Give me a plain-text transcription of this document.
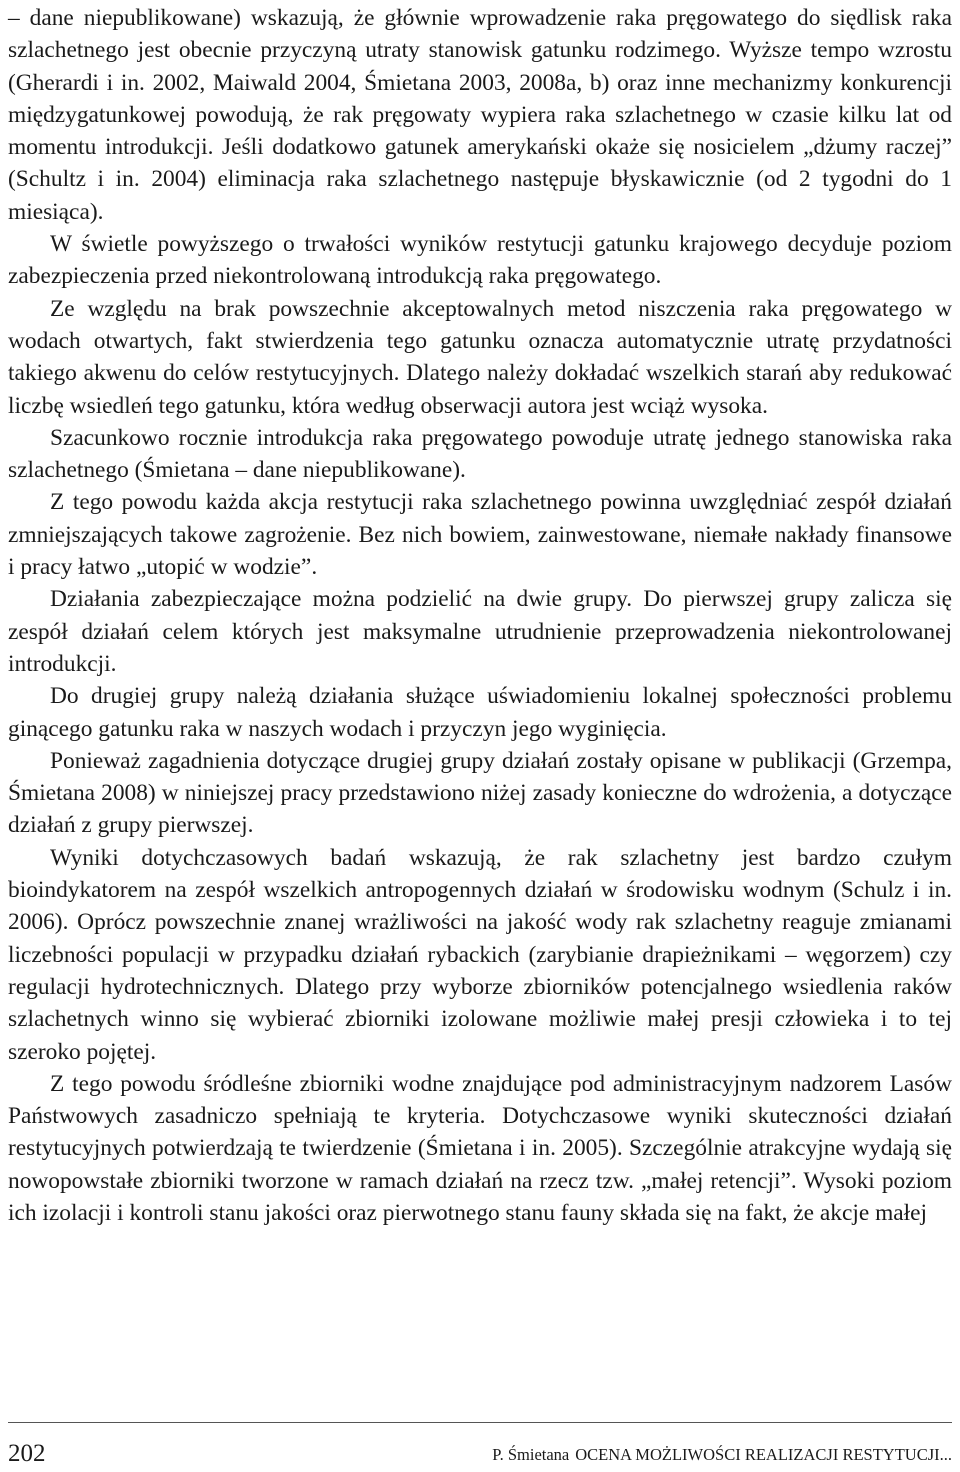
– dane niepublikowane) wskazują, że głównie wprowadzenie raka pręgowatego do siędlisk raka szlachetnego jest obecnie przyczyną utraty stanowisk gatunku rodzimego. Wyższe tempo wzrostu (Gherardi i in. 2002, Maiwald 2004, Śmietana 2003, 2008a, b) oraz inne mechanizmy konkurencji międzygatunkowej powodują, że rak pręgowaty wypiera raka szlachetnego w czasie kilku lat od momentu introdukcji. Jeśli dodatkowo gatunek amerykański okaże się nosicielem „dżumy raczej” (Schultz i in. 2004) eliminacja raka szlachetnego następuje błyskawicznie (od 2 tygodni do 1 miesiąca).

W świetle powyższego o trwałości wyników restytucji gatunku krajowego decyduje poziom zabezpieczenia przed niekontrolowaną introdukcją raka pręgowatego.

Ze względu na brak powszechnie akceptowalnych metod niszczenia raka pręgowatego w wodach otwartych, fakt stwierdzenia tego gatunku oznacza automatycznie utratę przydatności takiego akwenu do celów restytucyjnych. Dlatego należy dokładać wszelkich starań aby redukować liczbę wsiedleń tego gatunku, która według obserwacji autora jest wciąż wysoka.

Szacunkowo rocznie introdukcja raka pręgowatego powoduje utratę jednego stanowiska raka szlachetnego (Śmietana – dane niepublikowane).

Z tego powodu każda akcja restytucji raka szlachetnego powinna uwzględniać zespół działań zmniejszających takowe zagrożenie. Bez nich bowiem, zainwestowane, niemałe nakłady finansowe i pracy łatwo „utopić w wodzie”.

Działania zabezpieczające można podzielić na dwie grupy. Do pierwszej grupy zalicza się zespół działań celem których jest maksymalne utrudnienie przeprowadzenia niekontrolowanej introdukcji.

Do drugiej grupy należą działania służące uświadomieniu lokalnej społeczności problemu ginącego gatunku raka w naszych wodach i przyczyn jego wyginięcia.

Ponieważ zagadnienia dotyczące drugiej grupy działań zostały opisane w publikacji (Grzempa, Śmietana 2008) w niniejszej pracy przedstawiono niżej zasady konieczne do wdrożenia, a dotyczące działań z grupy pierwszej.

Wyniki dotychczasowych badań wskazują, że rak szlachetny jest bardzo czułym bioindykatorem na zespół wszelkich antropogennych działań w środowisku wodnym (Schulz i in. 2006). Oprócz powszechnie znanej wrażliwości na jakość wody rak szlachetny reaguje zmianami liczebności populacji w przypadku działań rybackich (zarybianie drapieżnikami – węgorzem) czy regulacji hydrotechnicznych. Dlatego przy wyborze zbiorników potencjalnego wsiedlenia raków szlachetnych winno się wybierać zbiorniki izolowane możliwie małej presji człowieka i to tej szeroko pojętej.

Z tego powodu śródleśne zbiorniki wodne znajdujące pod administracyjnym nadzorem Lasów Państwowych zasadniczo spełniają te kryteria. Dotychczasowe wyniki skuteczności działań restytucyjnych potwierdzają te twierdzenie (Śmietana i in. 2005). Szczególnie atrakcyjne wydają się nowopowstałe zbiorniki tworzone w ramach działań na rzecz tzw. „małej retencji”. Wysoki poziom ich izolacji i kontroli stanu jakości oraz pierwotnego stanu fauny składa się na fakt, że akcje małej

202	P. Śmietana OCENA MOŻLIWOŚCI REALIZACJI RESTYTUCJI...
